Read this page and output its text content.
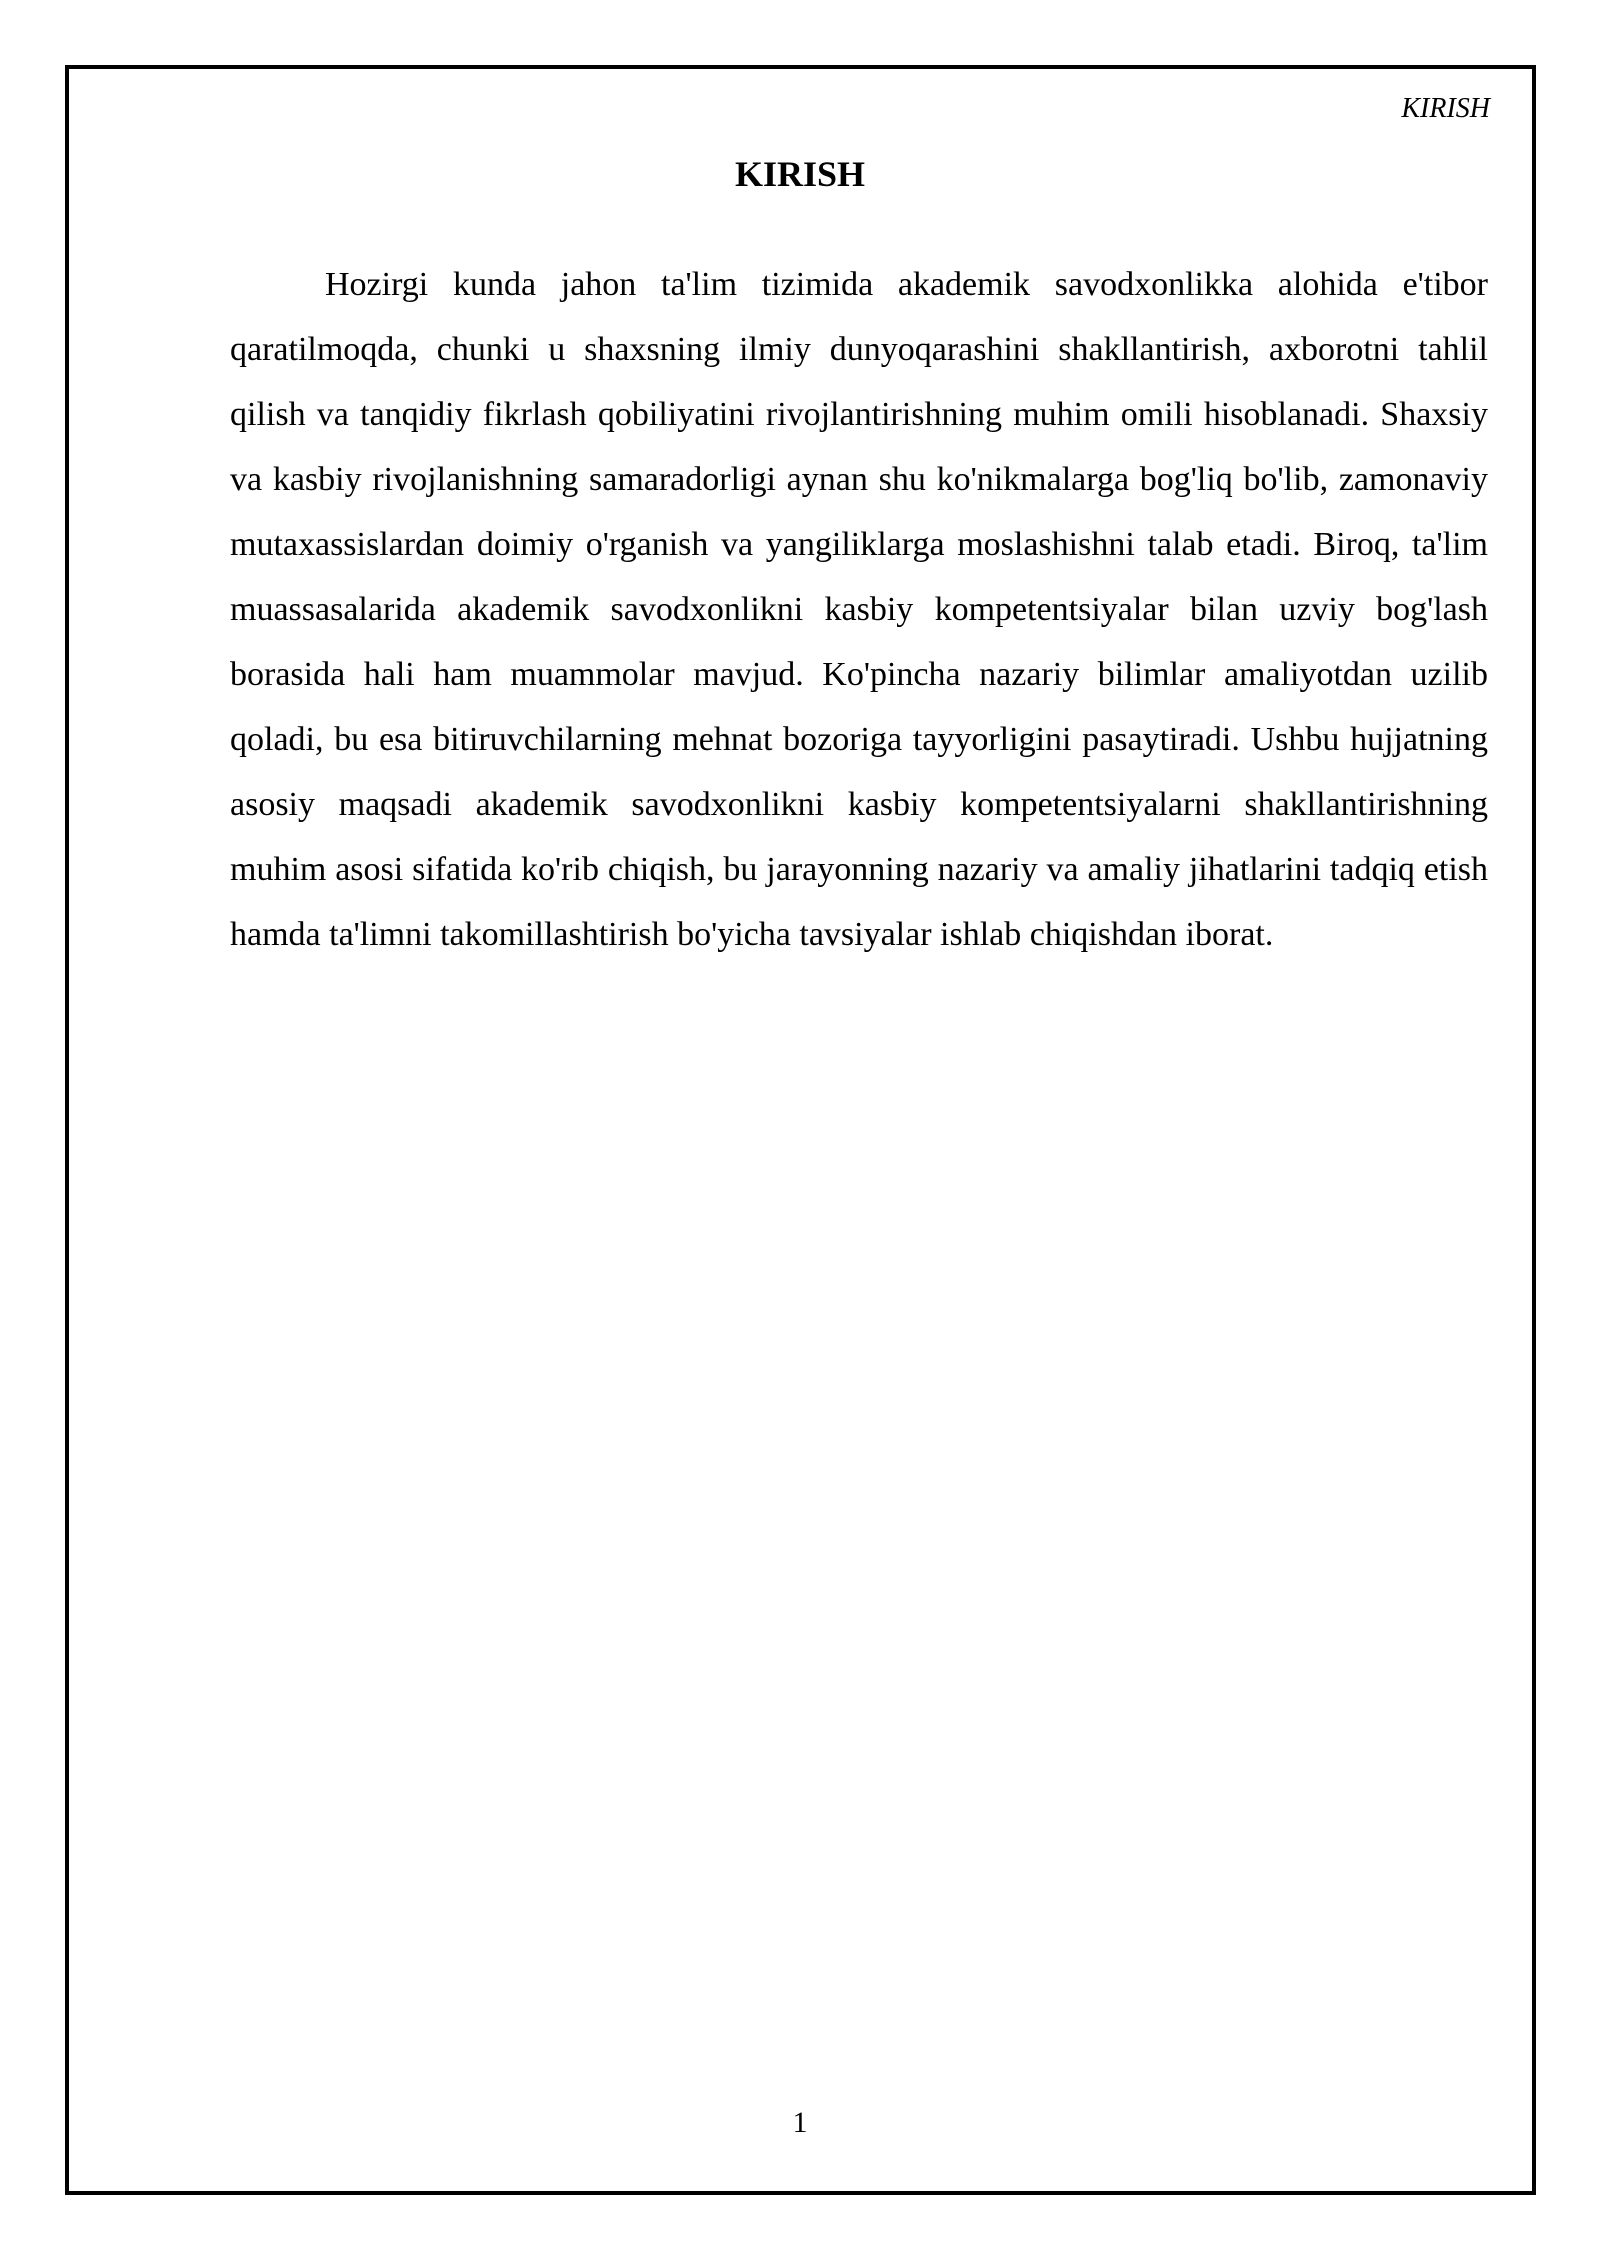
KIRISH
KIRISH

Hozirgi kunda jahon ta'lim tizimida akademik savodxonlikka alohida e'tibor qaratilmoqda, chunki u shaxsning ilmiy dunyoqarashini shakllantirish, axborotni tahlil qilish va tanqidiy fikrlash qobiliyatini rivojlantirishning muhim omili hisoblanadi. Shaxsiy va kasbiy rivojlanishning samaradorligi aynan shu ko'nikmalarga bog'liq bo'lib, zamonaviy mutaxassislardan doimiy o'rganish va yangiliklarga moslashishni talab etadi. Biroq, ta'lim muassasalarida akademik savodxonlikni kasbiy kompetentsiyalar bilan uzviy bog'lash borasida hali ham muammolar mavjud. Ko'pincha nazariy bilimlar amaliyotdan uzilib qoladi, bu esa bitiruvchilarning mehnat bozoriga tayyorligini pasaytiradi. Ushbu hujjatning asosiy maqsadi akademik savodxonlikni kasbiy kompetentsiyalarni shakllantirishning muhim asosi sifatida ko'rib chiqish, bu jarayonning nazariy va amaliy jihatlarini tadqiq etish hamda ta'limni takomillashtirish bo'yicha tavsiyalar ishlab chiqishdan iborat.

1
